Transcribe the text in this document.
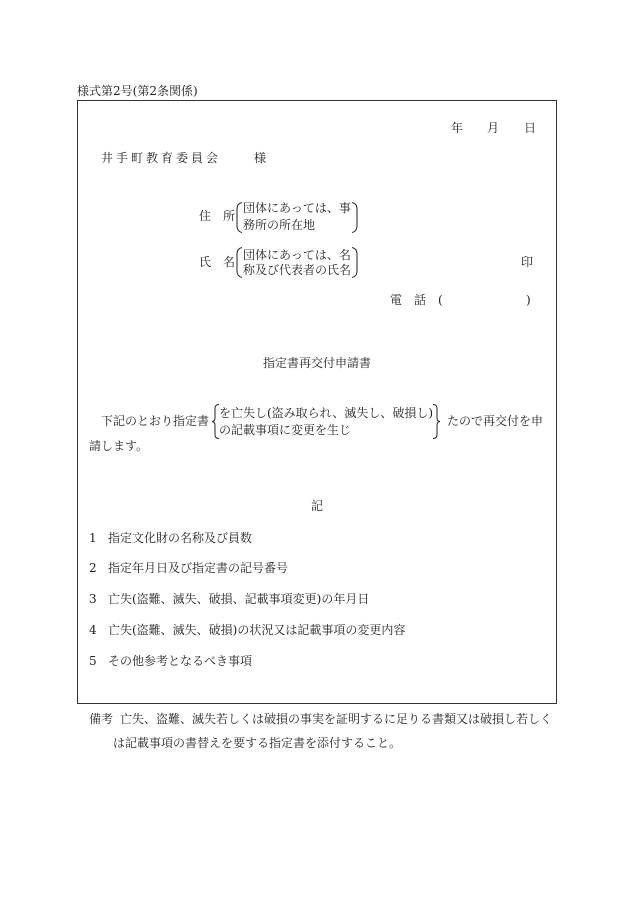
様式第2号(第2条関係)
年 月 日
井手町教育委員会	様
住　所
団体にあっては、事
務所の所在地
氏　名 団体にあっては、名
称及び代表者の氏名
印
電　話 (	)
指定書再交付申請書
下記のとおり指定書
を亡失し(盗み取られ、滅失し、破損し)
の記載事項に変更を生じ
たので再交付を申
請します。
記
1 指定文化財の名称及び員数
2 指定年月日及び指定書の記号番号
3 亡失(盗難、滅失、破損、記載事項変更)の年月日
4 亡失(盗難、滅失、破損)の状況又は記載事項の変更内容
5 その他参考となるべき事項
備考 亡失、盗難、滅失若しくは破損の事実を証明するに足りる書類又は破損し若しく
は記載事項の書替えを要する指定書を添付すること。
